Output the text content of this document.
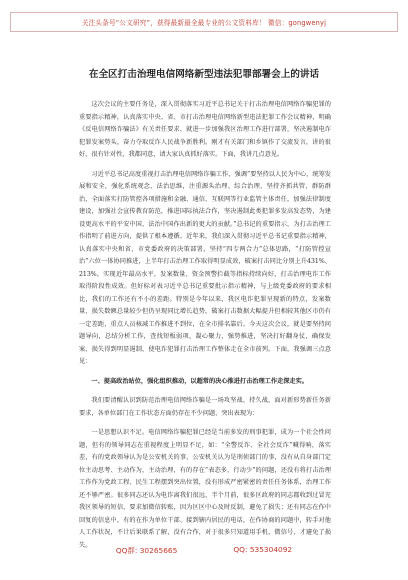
关注头条号“公文研究”，获得最新最全最专业的公文资料库！ 微信：gongwenyj
在全区打击治理电信网络新型违法犯罪部署会上的讲话

这次会议的主要任务是，深入贯彻落实习近平总书记关于打击治理电信网络诈骗犯罪的重要指示精神，认真落实中央、省、市打击治理电信网络新型违法犯罪工作会议精神，明确《反电信网络诈骗法》有关责任要求，就进一步加强我区治理工作进行部署，坚决遏制电诈犯罪发案势头，奋力夺取反诈人民战争新胜利。刚才有关部门和乡镇作了交流发言，讲的很好，很有针对性，我都同意，请大家认真抓好落实。下面，我讲几点意见。

习近平总书记高度重视打击治理电信网络诈骗工作，强调“要坚持以人民为中心，统筹发展和安全，强化系统观念、法治思维，注重源头治理、综合治理，坚持齐抓共管、群防群治，全面落实打防管控各项措施和金融、通信、互联网等行业监管主体责任，加强法律制度建设，加强社会宣传教育防范，推进国际执法合作，坚决遏制此类犯罪多发高发态势，为建设更高水平的平安中国、法治中国作出新的更大的贡献。”总书记的重要指示，为打击治理工作指明了前进方向，提供了根本遵循。近年来，我们深入贯彻习近平总书记重要指示精神，认真落实中央和省、市党委政府的决策部署，坚持“四专两合力”总体思路，“打防管控宣治”六位一体协同推进，上半年打击治理工作取得明显成效，破案打击同比分别上升431%、213%，实现近年最高水平，发案数量、资金预警拦截等指标持续向好，打击治理电诈工作取得阶段性成效。但好标对表习近平总书记重要批示指示精神，与上级党委政府的要求相比，我们的工作还有不小的差距。特别是今年以来，我区电诈犯罪呈现新的特点，发案数量、损失数额总量较少但仍呈现同比增长趋势，破案打击数据大幅提升但相较其他区市仍有一定差距，重点人员核减工作推进不到位，在全市排名靠后。今天这次会议，就是要坚持问题导向，总结分析工作，查找短板弱项，凝心聚力，强势推进，坚决打好翻身仗，确保发案、损失得到明显遏制，使电诈犯罪打击治理工作整体走在全市前列。下面，我强调三点意见：

一、提高政治站位，强化组织推动，以超常的决心推进打击治理工作走深走实。

我们要清醒认识到防范治理电信网络诈骗是一场攻坚战、持久战，面对新形势新任务新要求，各单位部门在工作状态方面仍存在不少问题，突出表现为：

一是思想认识不足。电信网络诈骗犯罪已经是当前多发的刑事犯罪，成为一个社会性问题，但有的领导同志在重视程度上明显不足，如：“全警反诈、全社会反诈”喊得响，落实差，有的党政领导认为是公安机关的事，公安机关认为是刑侦部门的事，没有从自身部门定位主动思考、主动作为，主动治理，有的存在“表态多，行动少”的问题，还没有将打击治理工作作为党政工程、民生工程摆到突出位置，没有形成严密紧密的责任任务体系，治理工作还不够严密。很多同志还认为电诈离我们很远，半个月前，很多区政府的同志都收到过冒充我区领导的短信，要求加微信转账，因为区区中心及时反制，避免了损失；还有同志在作中回复的信息中，有的在作为单位干部、接到辖内居民的电话，在作协商的问题中，转手对他人工作状况，不计后果联系了解，没有合作，对于很多只知道用手机、微信号，才避免了损失。

QQ群: 30265665	QQ: 535304092
